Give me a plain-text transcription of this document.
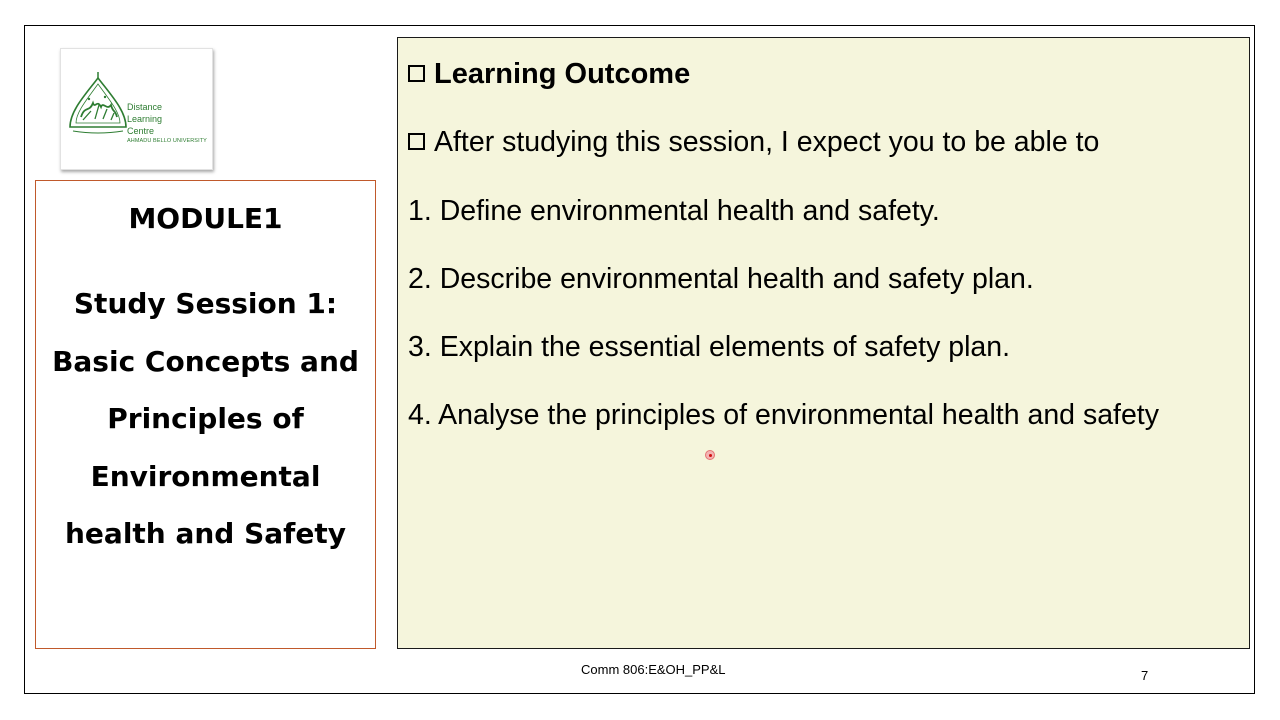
Distance
Learning
Centre
AHMADU BELLO UNIVERSITY
MODULE1
Study Session 1: Basic Concepts and Principles of Environmental health and Safety
Learning Outcome
After studying this session, I expect you to be able to
1. Define environmental health and safety.
2. Describe environmental health and safety plan.
3. Explain the essential elements of safety plan.
4. Analyse the principles of environmental health and safety
Comm 806:E&OH_PP&L	7
